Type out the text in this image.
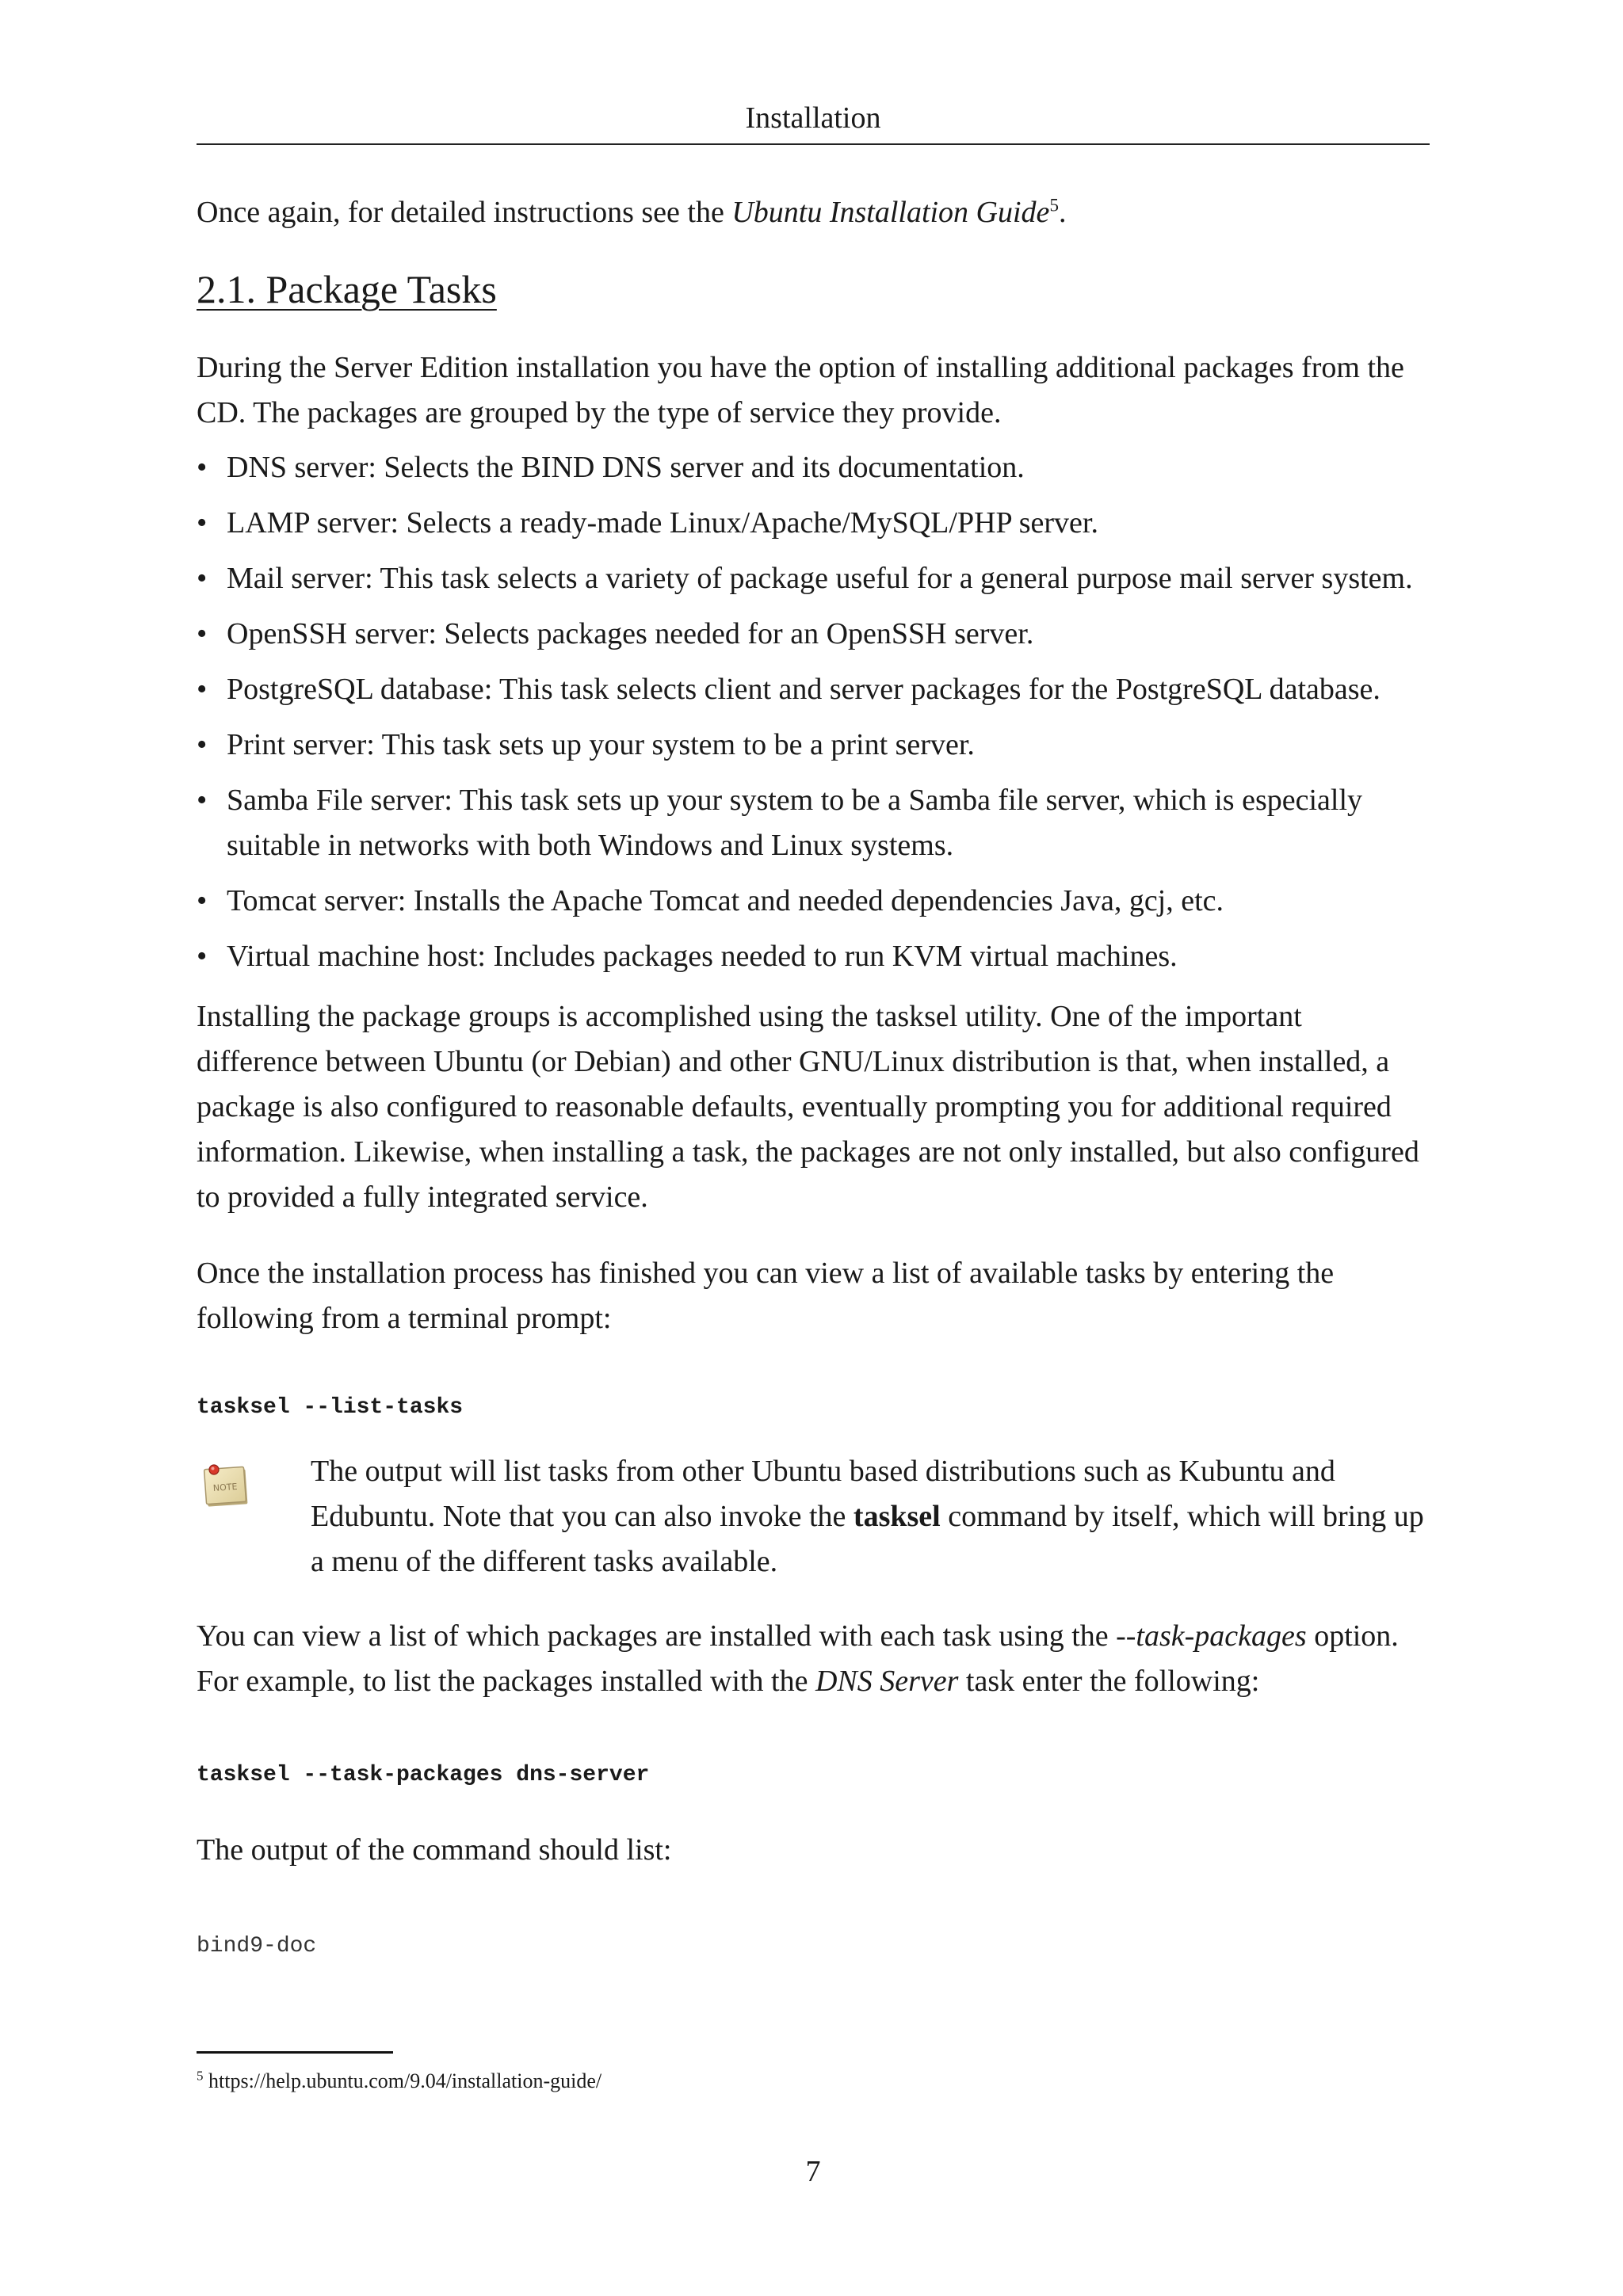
Installation

Once again, for detailed instructions see the Ubuntu Installation Guide$^5$.

2.1. Package Tasks

During the Server Edition installation you have the option of installing additional packages from the CD. The packages are grouped by the type of service they provide.

• DNS server: Selects the BIND DNS server and its documentation.
• LAMP server: Selects a ready-made Linux/Apache/MySQL/PHP server.
• Mail server: This task selects a variety of package useful for a general purpose mail server system.
• OpenSSH server: Selects packages needed for an OpenSSH server.
• PostgreSQL database: This task selects client and server packages for the PostgreSQL database.
• Print server: This task sets up your system to be a print server.
• Samba File server: This task sets up your system to be a Samba file server, which is especially suitable in networks with both Windows and Linux systems.
• Tomcat server: Installs the Apache Tomcat and needed dependencies Java, gcj, etc.
• Virtual machine host: Includes packages needed to run KVM virtual machines.

Installing the package groups is accomplished using the tasksel utility. One of the important difference between Ubuntu (or Debian) and other GNU/Linux distribution is that, when installed, a package is also configured to reasonable defaults, eventually prompting you for additional required information. Likewise, when installing a task, the packages are not only installed, but also configured to provided a fully integrated service.

Once the installation process has finished you can view a list of available tasks by entering the following from a terminal prompt:

tasksel --list-tasks
NOTE The output will list tasks from other Ubuntu based distributions such as Kubuntu and Edubuntu. Note that you can also invoke the tasksel command by itself, which will bring up a menu of the different tasks available.

You can view a list of which packages are installed with each task using the --task-packages option. For example, to list the packages installed with the DNS Server task enter the following:

tasksel --task-packages dns-server

The output of the command should list:

bind9-doc
$^5$ https://help.ubuntu.com/9.04/installation-guide/
7
